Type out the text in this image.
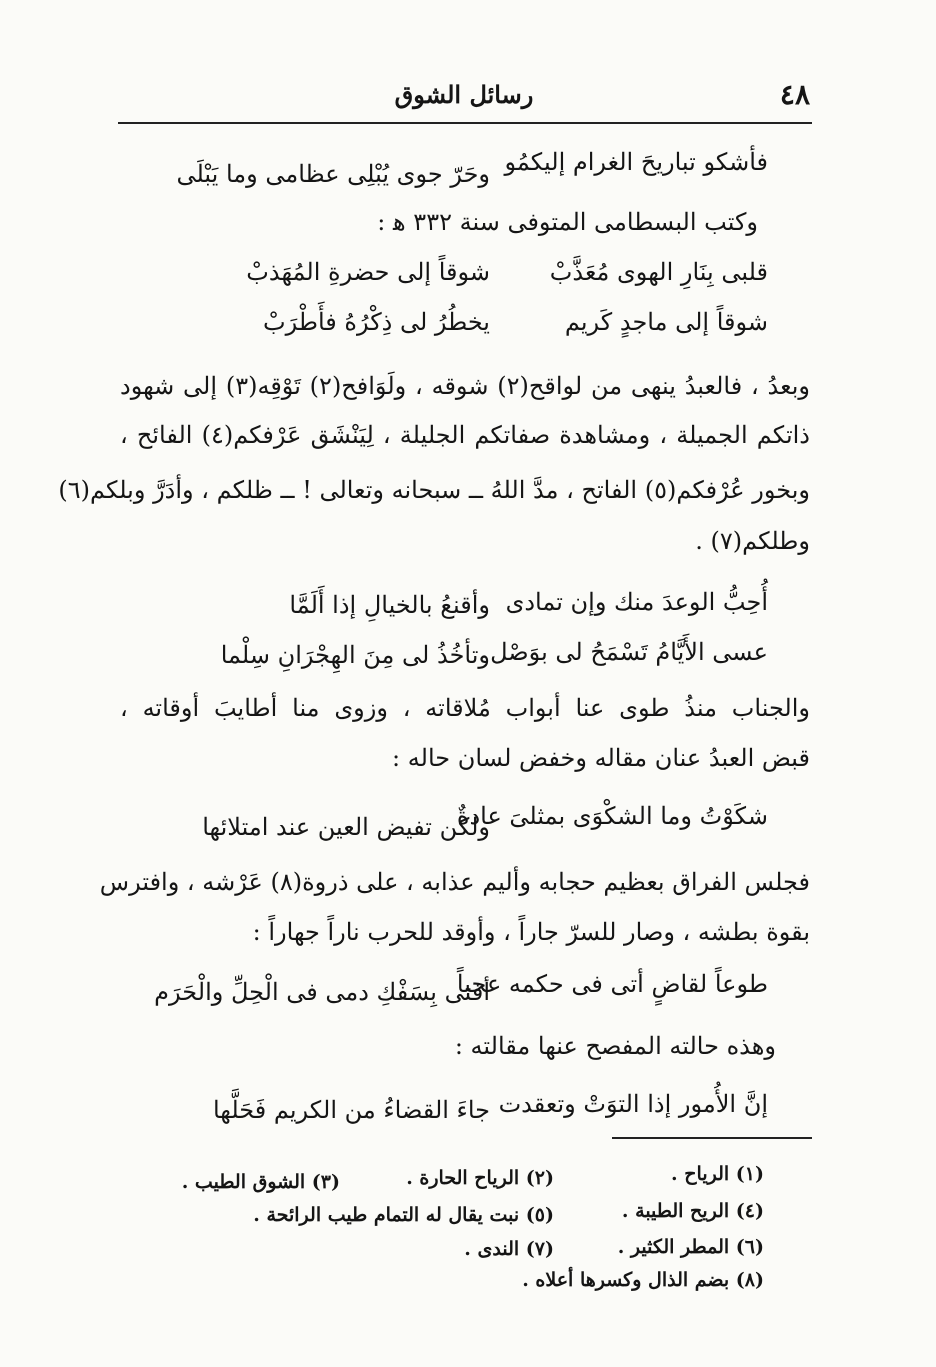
٤٨
رسائل الشوق
فأشكو تباريحَ الغرام إليكمُو
وحَرّ جوى يُبْلِى عظامى وما يَبْلَى
وكتب البسطامى المتوفى سنة ٣٣٢ ﻫ :
قلبى بِنَارِ الهوى مُعَذَّبْ
شوقاً إلى حضرةِ المُهَذبْ
شوقاً إلى ماجدٍ كَريم
يخطُرُ لى ذِكْرُهُ فأَطْرَبْ
وبعدُ ، فالعبدُ ينهى من لواقح(٢) شوقه ، ولَوَافح(٢) تَوْقِه(٣) إلى شهود
ذاتكم الجميلة ، ومشاهدة صفاتكم الجليلة ، لِيَنْشَق عَرْفكم(٤) الفائح ،
وبخور عُرْفكم(٥) الفاتح ، مدَّ اللهُ ــ سبحانه وتعالى ! ــ ظلكم ، وأدَرَّ وبلكم(٦)
وطلكم(٧) .
أُحِبُّ الوعدَ منك وإن تمادى
وأقنعُ بالخيالِ إذا أَلَمَّا
عسى الأَيَّامُ تَسْمَحُ لى بوَصْل
وتأخُذُ لى مِنَ الهِجْرَانِ سِلْما
والجناب منذُ طوى عنا أبواب مُلاقاته ، وزوى منا أطايبَ أوقاته ،
قبض العبدُ عنان مقاله وخفض لسان حاله :
شكَوْتُ وما الشكْوَى بمثلىَ عادةٌ
ولكن تفيض العين عند امتلائها
فجلس الفراق بعظيم حجابه وأليم عذابه ، على ذروة(٨) عَرْشه ، وافترس
بقوة بطشه ، وصار للسرّ جاراً ، وأوقد للحرب ناراً جهاراً :
طوعاً لقاضٍ أتى فى حكمه عجباً
أفتى بِسَفْكِ دمى فى الْحِلِّ والْحَرَم
وهذه حالته المفصح عنها مقالته :
إنَّ الأُمور إذا التوَتْ وتعقدت
جاءَ القضاءُ من الكريم فَحَلَّها
(١) الرياح .
(٢) الرياح الحارة .
(٣) الشوق الطيب .
(٤) الريح الطيبة .
(٥) نبت يقال له التمام طيب الرائحة .
(٦) المطر الكثير .
(٧) الندى .
(٨) بضم الذال وكسرها أعلاه .
